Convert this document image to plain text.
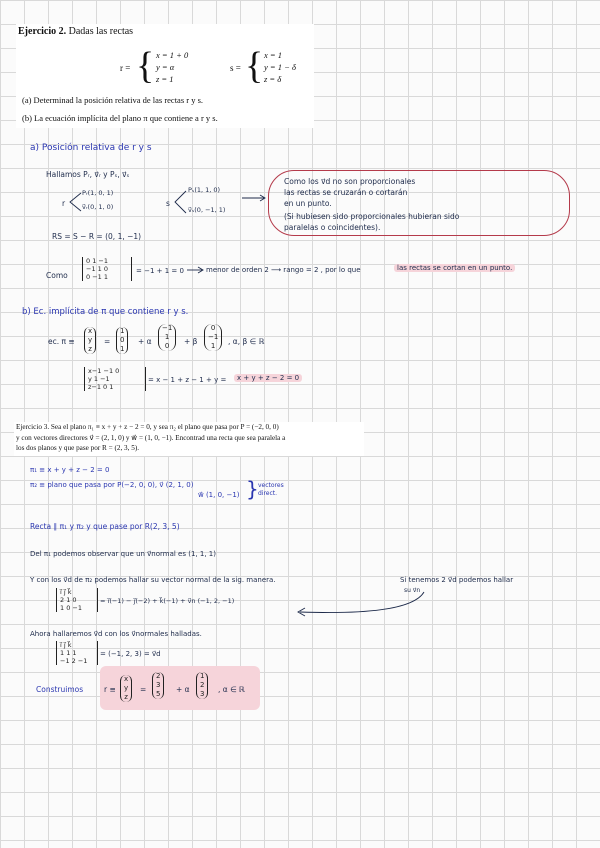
Ejercicio 2. Dadas las rectas
r = { x = 1 + 0
y = α
z = 1
s = { x = 1
y = 1 − δ
z = δ
(a) Determinad la posición relativa de las rectas r y s.
(b) La ecuación implícita del plano π que contiene a r y s.
a) Posición relativa de r y s
Hallamos Pᵣ, v⃗ᵣ y Pₛ, v⃗ₛ
r
Pᵣ(1, 0, 1)
v⃗ᵣ(0, 1, 0)	s
Pₛ(1, 1, 0)
v⃗ₛ(0, −1, 1)
Como los v⃗d no son proporcionales
las rectas se cruzarán o cortarán
en un punto.
(Si hubiesen sido proporcionales hubieran sido
paralelas o coincidentes).
RS = S − R = (0, 1, −1)
Como
0 1 −1
−1 1 0
0 −1 1
= −1 + 1 = 0	menor de orden 2 ⟶ rango = 2 , por lo que	las rectas se cortan en un punto.
b) Ec. implícita de π que contiene r y s.
ec. π ≡
x
y
z
=
1
0
1
+ α
−1
1
0	+ β
0
−1
1	, α, β ∈ ℝ
x−1 −1 0
y 1 −1
z−1 0 1
= x − 1 + z − 1 + y =	x + y + z − 2 = 0
Ejercicio 3. Sea el plano π₁ ≡ x + y + z − 2 = 0, y sea π₂ el plano que pasa por P = (−2, 0, 0)
y con vectores directores v⃗ = (2, 1, 0) y w⃗ = (1, 0, −1). Encontrad una recta que sea paralela a
los dos planos y que pase por R = (2, 3, 5).
π₁ ≡ x + y + z − 2 = 0
π₂ ≡ plano que pasa por P(−2, 0, 0), v⃗ (2, 1, 0)
w⃗ (1, 0, −1) } vectores
direct.
Recta ∥ π₁ y π₂ y que pase por R(2, 3, 5)
Del π₁ podemos observar que un v⃗normal es (1, 1, 1)
Y con los v⃗d de π₂ podemos hallar su vector normal de la sig. manera.	Si tenemos 2 v⃗d podemos hallar
su v⃗n
i⃗ j⃗ k⃗
2 1 0
1 0 −1
= i⃗(−1) − j⃗(−2) + k⃗(−1) + v⃗n (−1, 2, −1)
Ahora hallaremos v⃗d con los v⃗normales halladas.
i⃗ j⃗ k⃗
1 1 1
−1 2 −1
= (−1, 2, 3) = v⃗d
Construimos	r ≡
x
y
z
=
2
3
5 + α
1
2
3 , α ∈ ℝ
